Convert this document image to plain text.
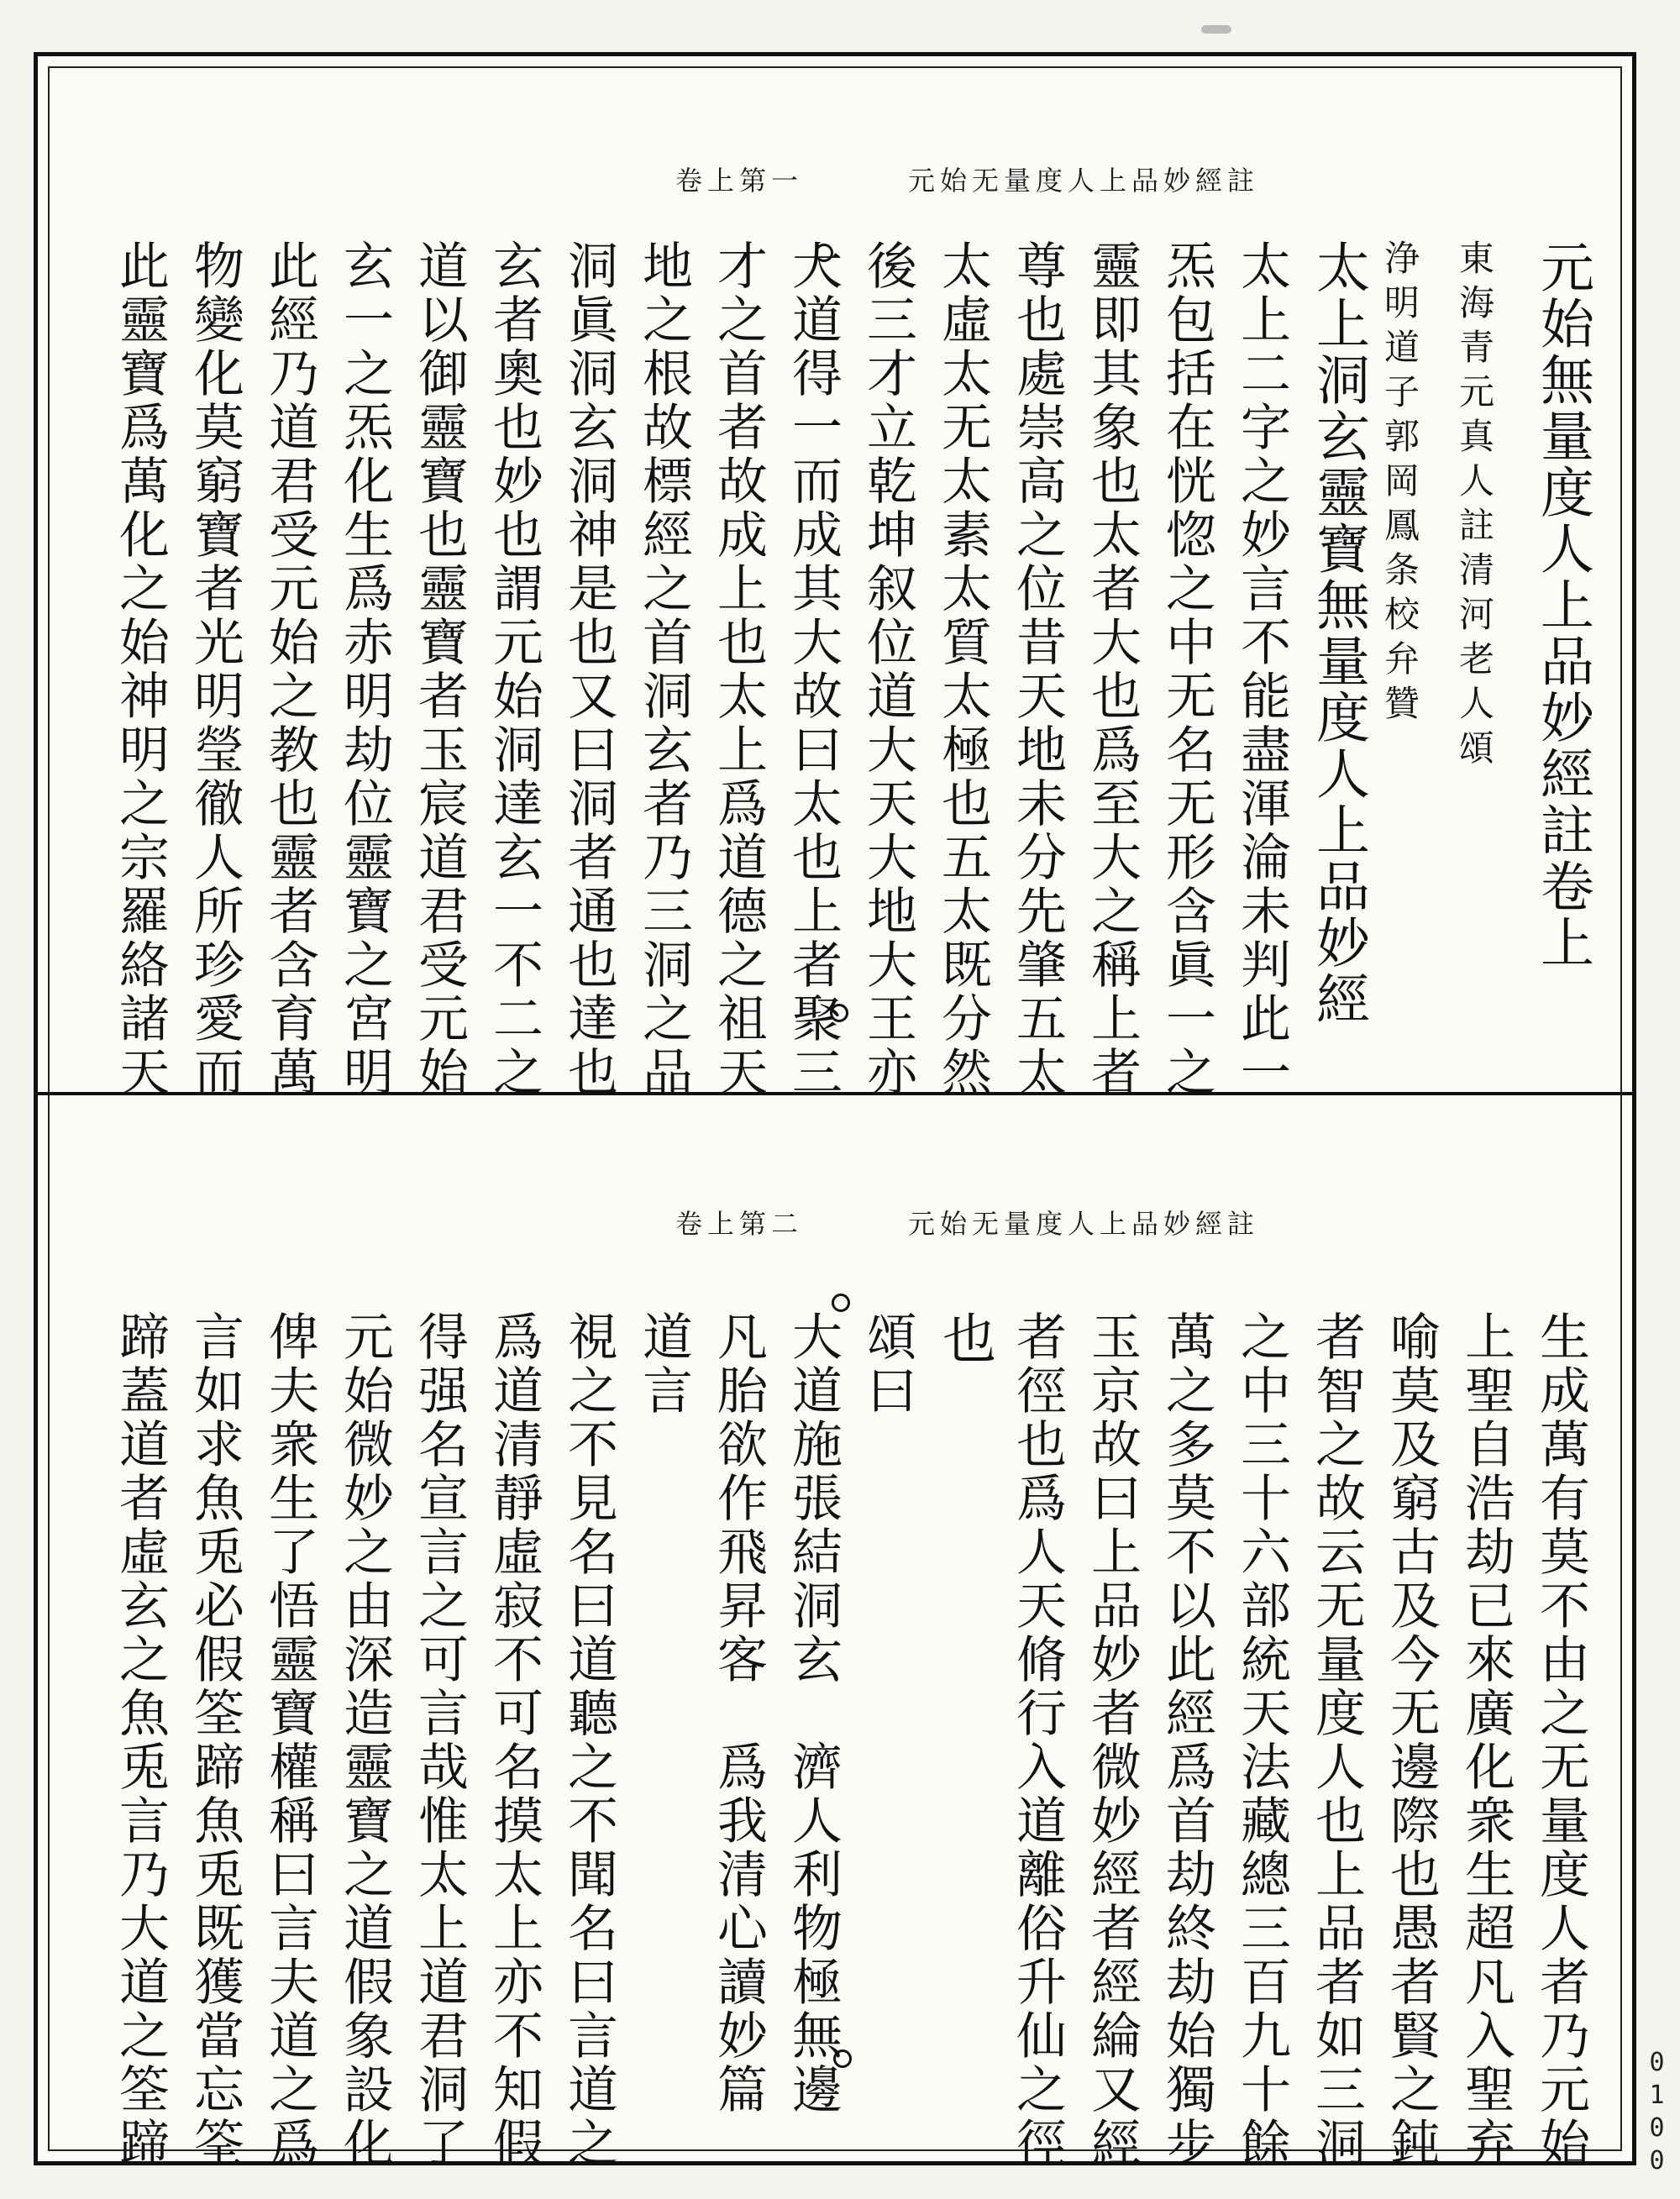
卷上第一	元始无量度人上品妙經註
卷上第二	元始无量度人上品妙經註
元始無量度人上品妙經註卷上
東海青元真人註清河老人頌
浄明道子郭岡鳳条校弁贊
太上洞玄靈寶無量度人上品妙經
太上二字之妙言不能盡渾淪未判此一
炁包括在恍惚之中无名无形含眞一之
靈即其象也太者大也爲至大之稱上者
尊也處崇高之位昔天地未分先肇五太
太虛太无太素太質太極也五太既分然
後三才立乾坤叙位道大天大地大王亦
大道得一而成其大故曰太也上者聚三
才之首者故成上也太上爲道德之祖天
地之根故標經之首洞玄者乃三洞之品
洞眞洞玄洞神是也又曰洞者通也達也
玄者奧也妙也謂元始洞達玄一不二之
道以御靈寶也靈寶者玉宸道君受元始
玄一之炁化生爲赤明劫位靈寶之宮明
此經乃道君受元始之教也靈者含育萬
物變化莫窮寶者光明瑩徹人所珍愛而
此靈寶爲萬化之始神明之宗羅絡諸天
生成萬有莫不由之无量度人者乃元始
上聖自浩劫已來廣化衆生超凡入聖弃
喻莫及窮古及今无邊際也愚者賢之鈍
者智之故云无量度人也上品者如三洞
之中三十六部統天法藏總三百九十餘
萬之多莫不以此經爲首劫終劫始獨步
玉京故曰上品妙者微妙經者經綸又經
者徑也爲人天脩行入道離俗升仙之徑
也
頌曰
大道施張結洞玄　濟人利物極無邊
凡胎欲作飛昇客　爲我清心讀妙篇
道言
視之不見名曰道聽之不聞名曰言道之
爲道清靜虛寂不可名摸太上亦不知假
得强名宣言之可言哉惟太上道君洞了
元始微妙之由深造靈寶之道假象設化
俾夫衆生了悟靈寶權稱曰言夫道之爲
言如求魚兎必假筌蹄魚兎既獲當忘筌
蹄蓋道者虛玄之魚兎言乃大道之筌蹄	0100
